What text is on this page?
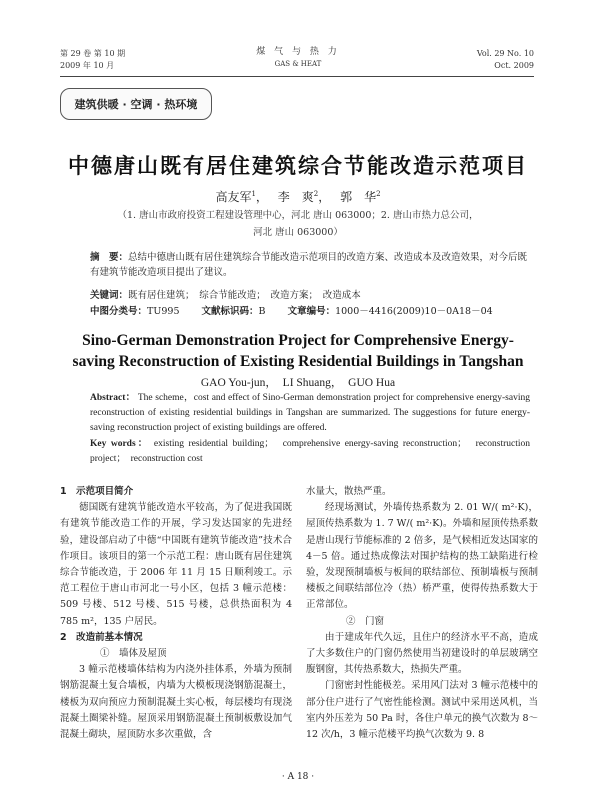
第 29 卷 第 10 期
2009 年 10 月
煤 气 与 热 力
GAS & HEAT
Vol. 29 No. 10
Oct. 2009
建筑供暖 · 空调 · 热环境
中德唐山既有居住建筑综合节能改造示范项目
高友军$^1$，　 李　爽$^2$，　 郭　华$^2$
（1. 唐山市政府投资工程建设管理中心，河北 唐山 063000；2. 唐山市热力总公司，
河北 唐山 063000）
摘　要：总结中德唐山既有居住建筑综合节能改造示范项目的改造方案、改造成本及改造效果，对今后既有建筑节能改造项目提出了建议。
关键词：既有居住建筑；　综合节能改造；　改造方案；　改造成本
中图分类号：TU995　　 文献标识码：B　　 文章编号：1000－4416(2009)10－0A18－04
Sino-German Demonstration Project for Comprehensive Energy-
saving Reconstruction of Existing Residential Buildings in Tangshan
GAO You-jun，　LI Shuang，　GUO Hua
Abstract： The scheme，cost and effect of Sino-German demonstration project for comprehensive energy-saving reconstruction of existing residential buildings in Tangshan are summarized. The suggestions for future energy-saving reconstruction project of existing buildings are offered.
Key words： existing residential building；　comprehensive energy-saving reconstruction；　reconstruction project；　reconstruction cost

1　示范项目简介

德国既有建筑节能改造水平较高，为了促进我国既有建筑节能改造工作的开展，学习发达国家的先进经验，建设部启动了中德“中国既有建筑节能改造”技术合作项目。该项目的第一个示范工程：唐山既有居住建筑综合节能改造，于 2006 年 11 月 15 日顺利竣工。示范工程位于唐山市河北一号小区，包括 3 幢示范楼：509 号楼、512 号楼、515 号楼，总供热面积为 4 785 m²，135 户居民。

2　改造前基本情况

①　墙体及屋顶

3 幢示范楼墙体结构为内浇外挂体系，外墙为预制钢筋混凝土复合墙板，内墙为大模板现浇钢筋混凝土，楼板为双向预应力预制混凝土实心板，每层楼均有现浇混凝土圈梁补缝。屋顶采用钢筋混凝土预制板敷设加气混凝土砌块，屋顶防水多次重做，含

水量大，散热严重。

经现场测试，外墙传热系数为 2. 01 W/( m²·K)，屋顶传热系数为 1. 7 W/( m²·K)。外墙和屋顶传热系数是唐山现行节能标准的 2 倍多，是气候相近发达国家的 4－5 倍。通过热成像法对围护结构的热工缺陷进行检验，发现预制墙板与板间的联结部位、预制墙板与预制楼板之间联结部位冷（热）桥严重，使得传热系数大于正常部位。

②　门窗

由于建成年代久远，且住户的经济水平不高，造成了大多数住户的门窗仍然使用当初建设时的单层玻璃空腹钢窗，其传热系数大，热损失严重。

门窗密封性能极差。采用风门法对 3 幢示范楼中的部分住户进行了气密性能检测。测试中采用送风机，当室内外压差为 50 Pa 时，各住户单元的换气次数为 8～12 次/h，3 幢示范楼平均换气次数为 9. 8

· A 18 ·
